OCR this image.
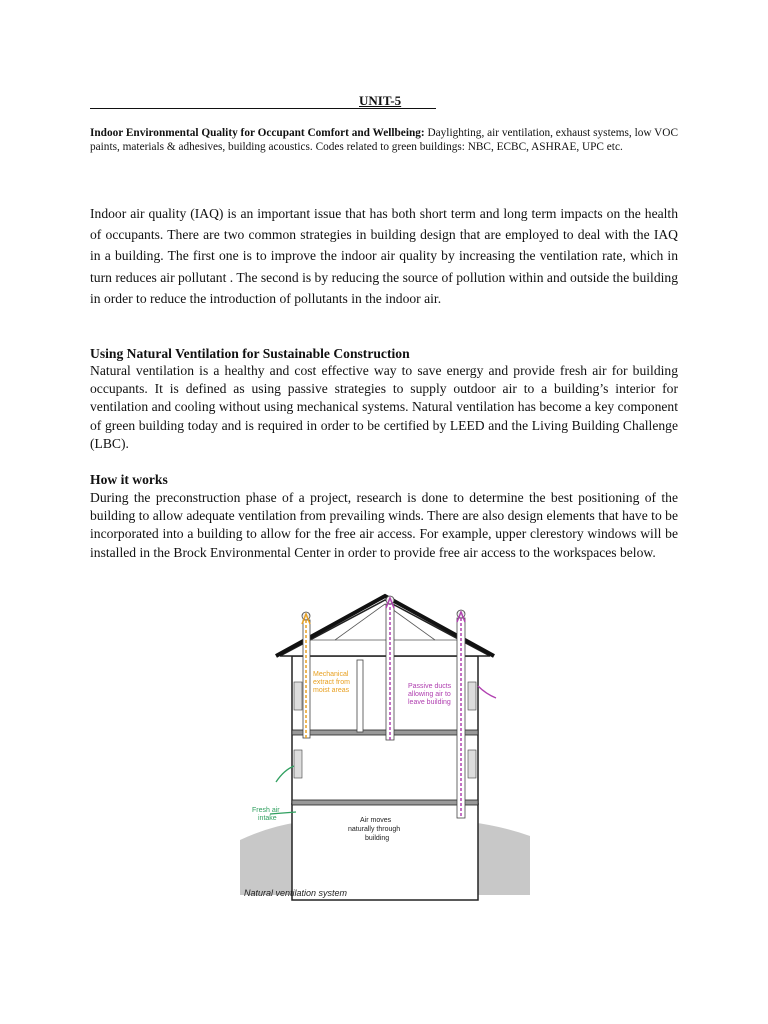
UNIT-5
Indoor Environmental Quality for Occupant Comfort and Wellbeing: Daylighting, air ventilation, exhaust systems, low VOC paints, materials & adhesives, building acoustics. Codes related to green buildings: NBC, ECBC, ASHRAE, UPC etc.
Indoor air quality (IAQ) is an important issue that has both short term and long term impacts on the health of occupants. There are two common strategies in building design that are employed to deal with the IAQ in a building. The first one is to improve the indoor air quality by increasing the ventilation rate, which in turn reduces air pollutant . The second is by reducing the source of pollution within and outside the building in order to reduce the introduction of pollutants in the indoor air.
Using Natural Ventilation for Sustainable Construction
Natural ventilation is a healthy and cost effective way to save energy and provide fresh air for building occupants. It is defined as using passive strategies to supply outdoor air to a building’s interior for ventilation and cooling without using mechanical systems. Natural ventilation has become a key component of green building today and is required in order to be certified by LEED and the Living Building Challenge (LBC).
How it works
During the preconstruction phase of a project, research is done to determine the best positioning of the building to allow adequate ventilation from prevailing winds. There are also design elements that have to be incorporated into a building to allow for the free air access. For example, upper clerestory windows will be installed in the Brock Environmental Center in order to provide free air access to the workspaces below.
Mechanical
extract from
moist areas
Passive ducts
allowing air to
leave building
Fresh air
intake	Air moves
naturally through
building
Natural ventilation system
